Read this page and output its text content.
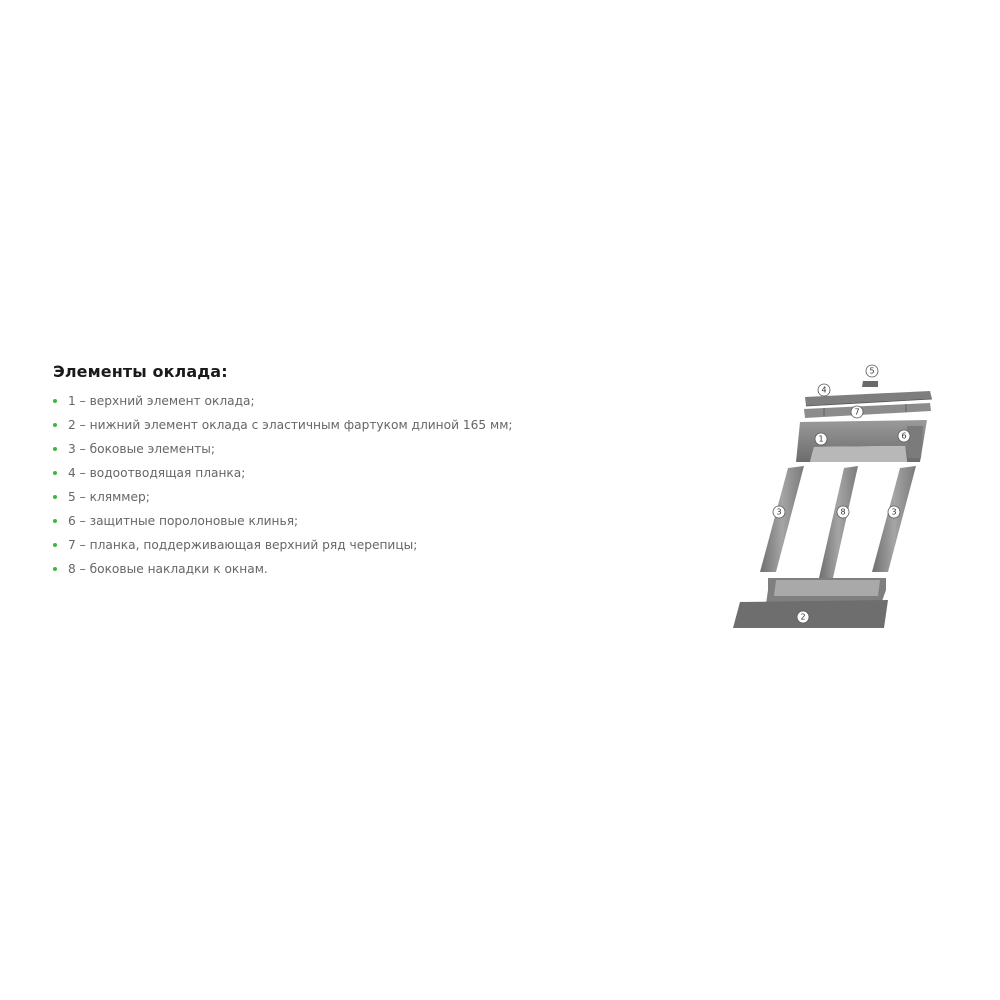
Элементы оклада:
1 – верхний элемент оклада;
2 – нижний элемент оклада с эластичным фартуком длиной 165 мм;
3 – боковые элементы;
4 – водоотводящая планка;
5 – кляммер;
6 – защитные поролоновые клинья;
7 – планка, поддерживающая верхний ряд черепицы;
8 – боковые накладки к окнам.
5
4
7
1	6
3	8	3
2
